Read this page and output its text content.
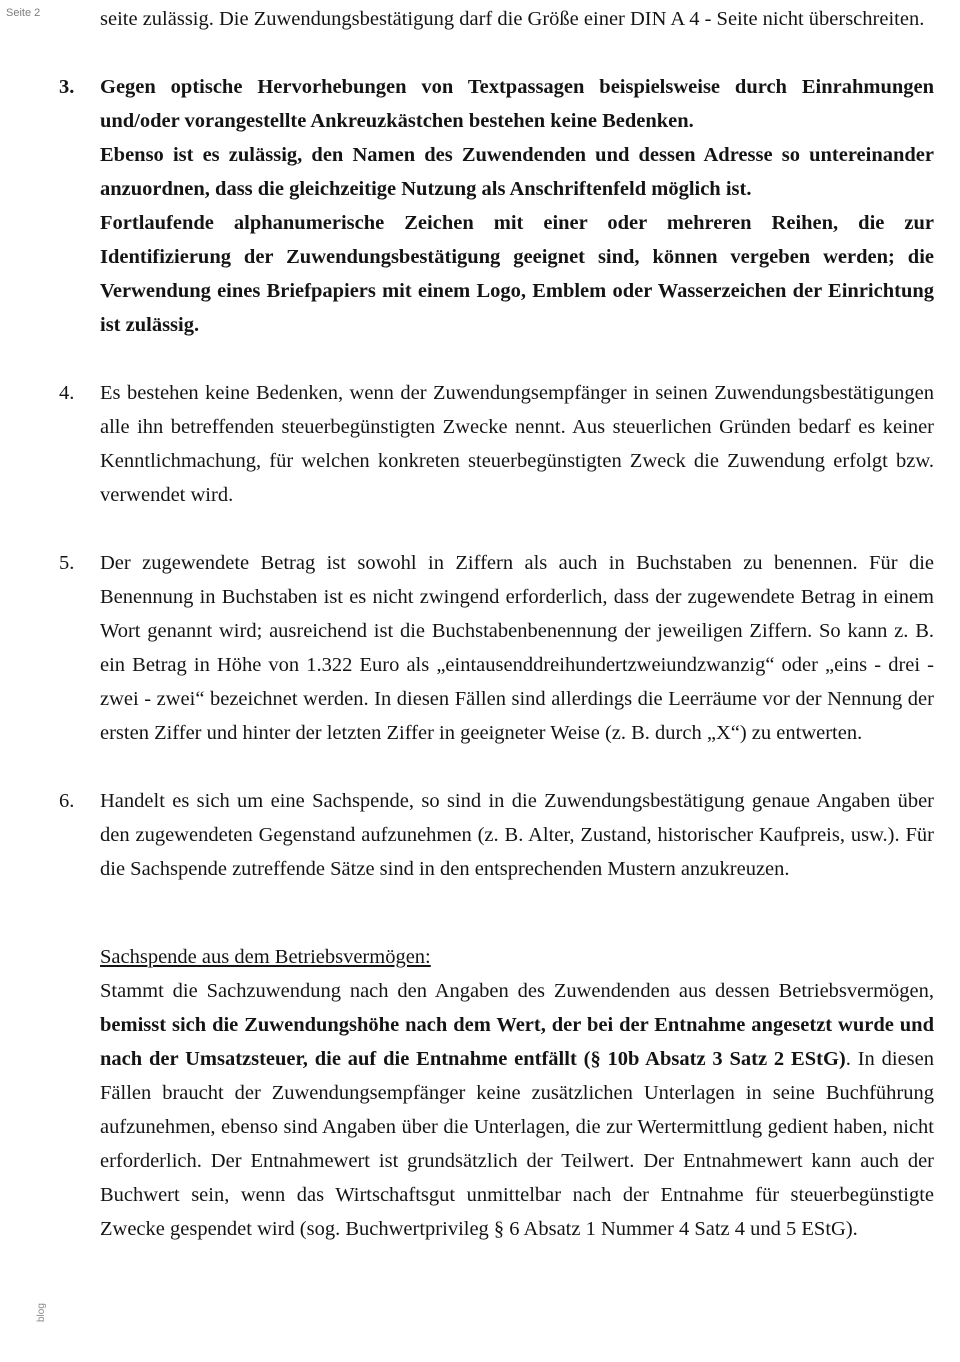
Seite 2
blog

seite zulässig. Die Zuwendungsbestätigung darf die Größe einer DIN A 4 - Seite nicht überschreiten.

3.	Gegen optische Hervorhebungen von Textpassagen beispielsweise durch Einrahmungen und/oder vorangestellte Ankreuzkästchen bestehen keine Bedenken.

Ebenso ist es zulässig, den Namen des Zuwendenden und dessen Adresse so untereinander anzuordnen, dass die gleichzeitige Nutzung als Anschriftenfeld möglich ist.

Fortlaufende alphanumerische Zeichen mit einer oder mehreren Reihen, die zur Identifizierung der Zuwendungsbestätigung geeignet sind, können vergeben werden; die Verwendung eines Briefpapiers mit einem Logo, Emblem oder Wasserzeichen der Einrichtung ist zulässig.

4.	Es bestehen keine Bedenken, wenn der Zuwendungsempfänger in seinen Zuwendungsbestätigungen alle ihn betreffenden steuerbegünstigten Zwecke nennt. Aus steuerlichen Gründen bedarf es keiner Kenntlichmachung, für welchen konkreten steuerbegünstigten Zweck die Zuwendung erfolgt bzw. verwendet wird.

5.	Der zugewendete Betrag ist sowohl in Ziffern als auch in Buchstaben zu benennen. Für die Benennung in Buchstaben ist es nicht zwingend erforderlich, dass der zugewendete Betrag in einem Wort genannt wird; ausreichend ist die Buchstabenbenennung der jeweiligen Ziffern. So kann z. B. ein Betrag in Höhe von 1.322 Euro als „eintausenddreihundertzweiundzwanzig“ oder „eins - drei - zwei - zwei“ bezeichnet werden. In diesen Fällen sind allerdings die Leerräume vor der Nennung der ersten Ziffer und hinter der letzten Ziffer in geeigneter Weise (z. B. durch „X“) zu entwerten.

6.	Handelt es sich um eine Sachspende, so sind in die Zuwendungsbestätigung genaue Angaben über den zugewendeten Gegenstand aufzunehmen (z. B. Alter, Zustand, historischer Kaufpreis, usw.). Für die Sachspende zutreffende Sätze sind in den entsprechenden Mustern anzukreuzen.

Sachspende aus dem Betriebsvermögen:

Stammt die Sachzuwendung nach den Angaben des Zuwendenden aus dessen Betriebsvermögen, bemisst sich die Zuwendungshöhe nach dem Wert, der bei der Entnahme angesetzt wurde und nach der Umsatzsteuer, die auf die Entnahme entfällt (§ 10b Absatz 3 Satz 2 EStG). In diesen Fällen braucht der Zuwendungsempfänger keine zusätzlichen Unterlagen in seine Buchführung aufzunehmen, ebenso sind Angaben über die Unterlagen, die zur Wertermittlung gedient haben, nicht erforderlich. Der Entnahmewert ist grundsätzlich der Teilwert. Der Entnahmewert kann auch der Buchwert sein, wenn das Wirtschaftsgut unmittelbar nach der Entnahme für steuerbegünstigte Zwecke gespendet wird (sog. Buchwertprivileg § 6 Absatz 1 Nummer 4 Satz 4 und 5 EStG).
